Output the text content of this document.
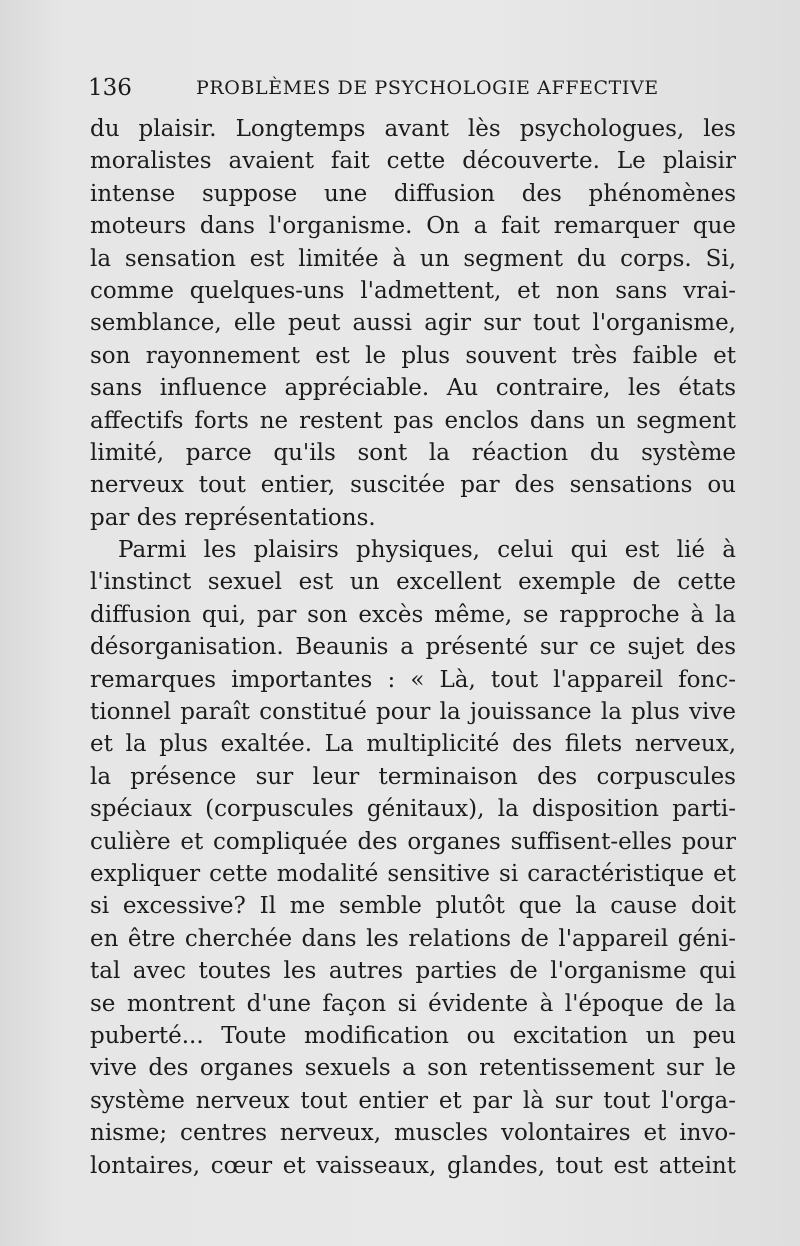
136	PROBLÈMES DE PSYCHOLOGIE AFFECTIVE
du plaisir. Longtemps avant lès psychologues, les
moralistes avaient fait cette découverte. Le plaisir
intense suppose une diffusion des phénomènes
moteurs dans l'organisme. On a fait remarquer que
la sensation est limitée à un segment du corps. Si,
comme quelques-uns l'admettent, et non sans vrai-
semblance, elle peut aussi agir sur tout l'organisme,
son rayonnement est le plus souvent très faible et
sans influence appréciable. Au contraire, les états
affectifs forts ne restent pas enclos dans un segment
limité, parce qu'ils sont la réaction du système
nerveux tout entier, suscitée par des sensations ou
par des représentations.
Parmi les plaisirs physiques, celui qui est lié à
l'instinct sexuel est un excellent exemple de cette
diffusion qui, par son excès même, se rapproche à la
désorganisation. Beaunis a présenté sur ce sujet des
remarques importantes : « Là, tout l'appareil fonc-
tionnel paraît constitué pour la jouissance la plus vive
et la plus exaltée. La multiplicité des filets nerveux,
la présence sur leur terminaison des corpuscules
spéciaux (corpuscules génitaux), la disposition parti-
culière et compliquée des organes suffisent-elles pour
expliquer cette modalité sensitive si caractéristique et
si excessive? Il me semble plutôt que la cause doit
en être cherchée dans les relations de l'appareil géni-
tal avec toutes les autres parties de l'organisme qui
se montrent d'une façon si évidente à l'époque de la
puberté... Toute modification ou excitation un peu
vive des organes sexuels a son retentissement sur le
système nerveux tout entier et par là sur tout l'orga-
nisme; centres nerveux, muscles volontaires et invo-
lontaires, cœur et vaisseaux, glandes, tout est atteint
